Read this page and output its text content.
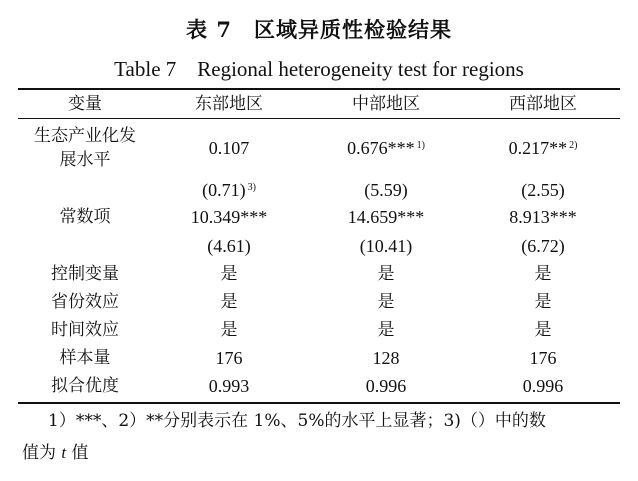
表 7　区域异质性检验结果
Table 7　Regional heterogeneity test for regions
变量	东部地区	中部地区	西部地区
生态产业化发
展水平
0.107	0.676*** $^{1)}$	0.217** $^{2)}$
(0.71) $^{3)}$	(5.59)	(2.55)
常数项	10.349***	14.659***	8.913***
(4.61)	(10.41)	(6.72)
控制变量	是	是	是
省份效应	是	是	是
时间效应	是	是	是
样本量	176	128	176
拟合优度	0.993	0.996	0.996
1）***、2）**分别表示在 1%、5%的水平上显著；3)（）中的数
值为 t 值
